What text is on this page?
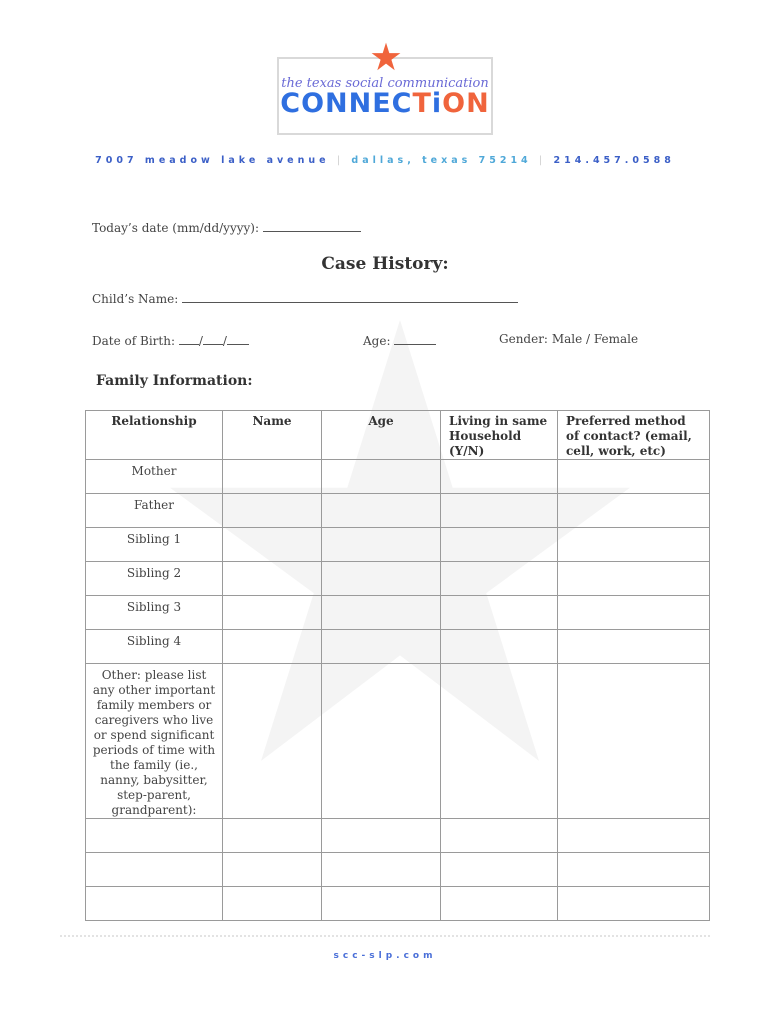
the texas social communication
CONNECTiON
7007 meadow lake avenue | dallas, texas 75214 | 214.457.0588
Today’s date (mm/dd/yyyy):
Case History:
Child’s Name:
Date of Birth: / /	Age:	Gender: Male / Female
Family Information:
Relationship	Name	Age	Living in same Household (Y/N)	Preferred method of contact? (email, cell, work, etc)
Mother				
Father				
Sibling 1				
Sibling 2				
Sibling 3				
Sibling 4				
Other: please list any other important family members or caregivers who live or spend significant periods of time with the family (ie., nanny, babysitter, step-parent, grandparent):				

scc-slp.com
